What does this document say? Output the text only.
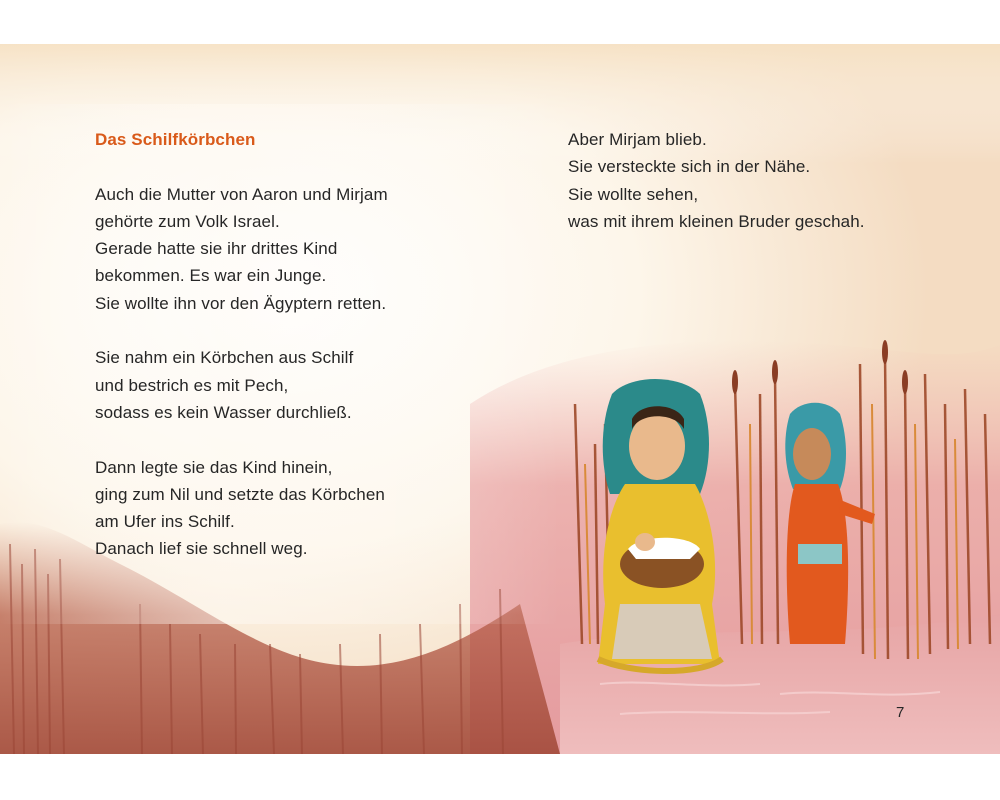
Das Schilfkörbchen
Auch die Mutter von Aaron und Mirjam
gehörte zum Volk Israel.
Gerade hatte sie ihr drittes Kind
bekommen. Es war ein Junge.
Sie wollte ihn vor den Ägyptern retten.
Sie nahm ein Körbchen aus Schilf
und bestrich es mit Pech,
sodass es kein Wasser durchließ.
Dann legte sie das Kind hinein,
ging zum Nil und setzte das Körbchen
am Ufer ins Schilf.
Danach lief sie schnell weg.
Aber Mirjam blieb.
Sie versteckte sich in der Nähe.
Sie wollte sehen,
was mit ihrem kleinen Bruder geschah.
7
